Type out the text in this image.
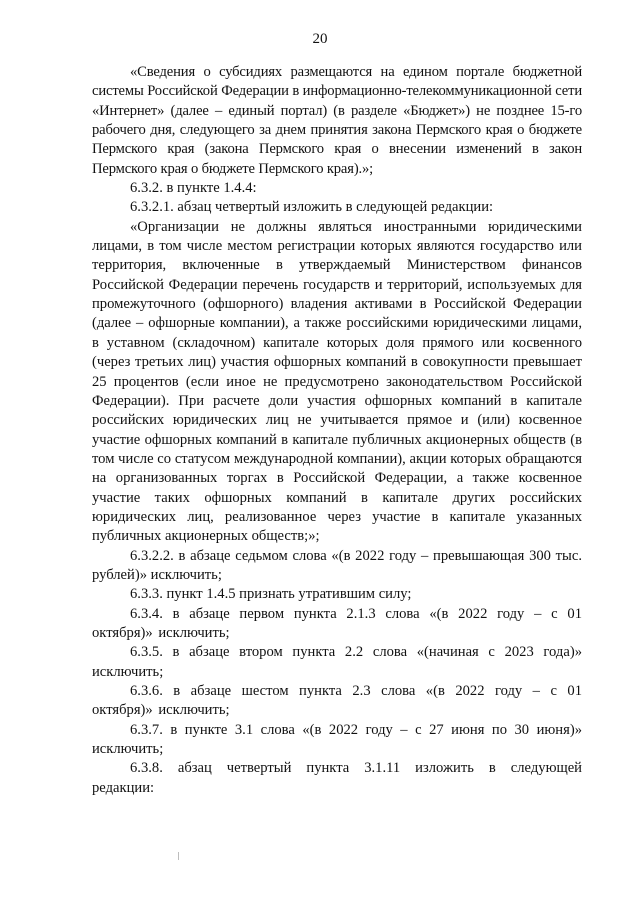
20

«Сведения о субсидиях размещаются на едином портале бюджетной системы Российской Федерации в информационно-телекоммуникационной сети «Интернет» (далее – единый портал) (в разделе «Бюджет») не позднее 15-го рабочего дня, следующего за днем принятия закона Пермского края о бюджете Пермского края (закона Пермского края о внесении изменений в закон Пермского края о бюджете Пермского края).»;

6.3.2. в пункте 1.4.4:

6.3.2.1. абзац четвертый изложить в следующей редакции:

«Организации не должны являться иностранными юридическими лицами, в том числе местом регистрации которых являются государство или территория, включенные в утверждаемый Министерством финансов Российской Федерации перечень государств и территорий, используемых для промежуточного (офшорного) владения активами в Российской Федерации (далее – офшорные компании), а также российскими юридическими лицами, в уставном (складочном) капитале которых доля прямого или косвенного (через третьих лиц) участия офшорных компаний в совокупности превышает 25 процентов (если иное не предусмотрено законодательством Российской Федерации). При расчете доли участия офшорных компаний в капитале российских юридических лиц не учитывается прямое и (или) косвенное участие офшорных компаний в капитале публичных акционерных обществ (в том числе со статусом международной компании), акции которых обращаются на организованных торгах в Российской Федерации, а также косвенное участие таких офшорных компаний в капитале других российских юридических лиц, реализованное через участие в капитале указанных публичных акционерных обществ;»;

6.3.2.2. в абзаце седьмом слова «(в 2022 году – превышающая 300 тыс. рублей)» исключить;

6.3.3. пункт 1.4.5 признать утратившим силу;

6.3.4. в абзаце первом пункта 2.1.3 слова «(в 2022 году – с 01 октября)» исключить;

6.3.5. в абзаце втором пункта 2.2 слова «(начиная с 2023 года)» исключить;

6.3.6. в абзаце шестом пункта 2.3 слова «(в 2022 году – с 01 октября)» исключить;

6.3.7. в пункте 3.1 слова «(в 2022 году – с 27 июня по 30 июня)» исключить;

6.3.8. абзац четвертый пункта 3.1.11 изложить в следующей редакции:
